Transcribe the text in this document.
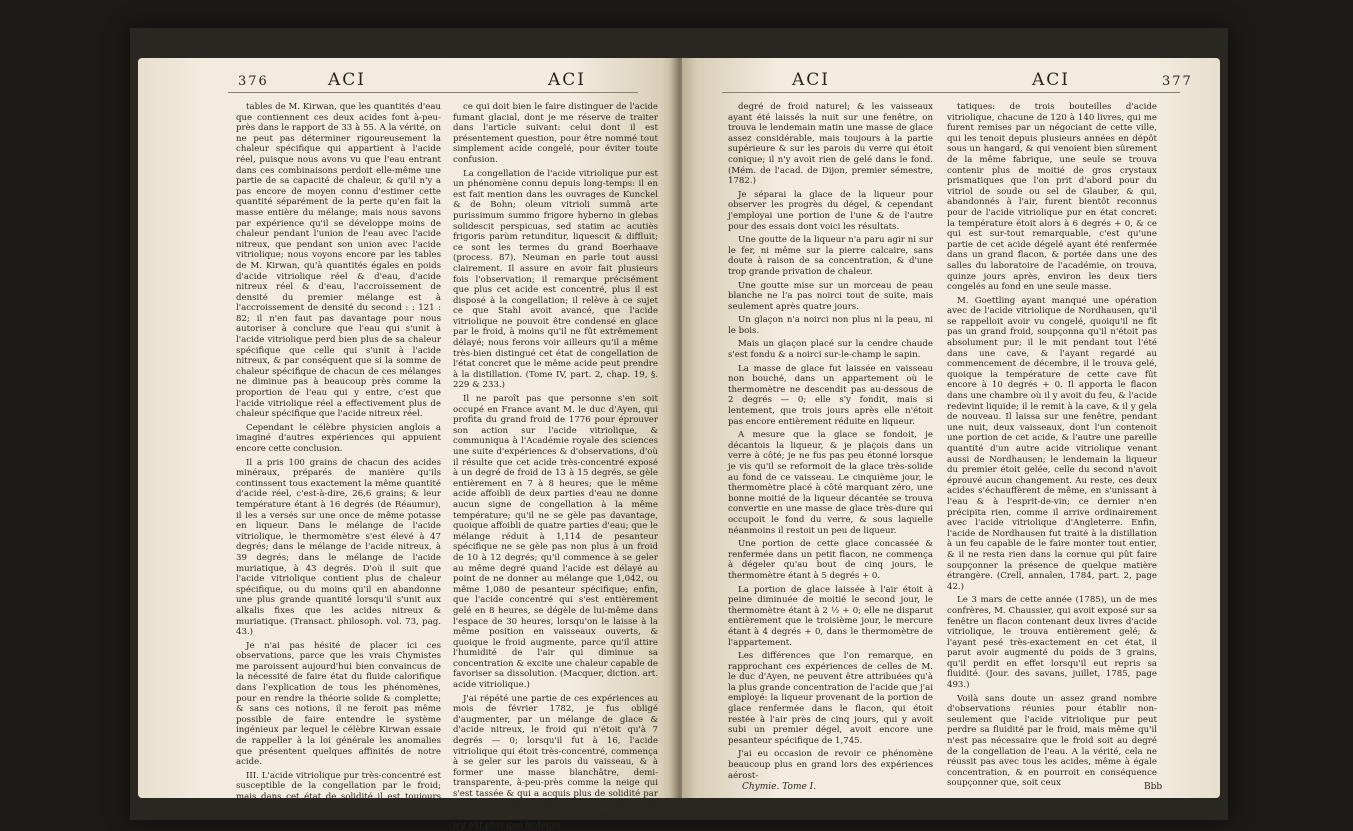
376	ACI	ACI

tables de M. Kirwan, que les quantités d'eau que contiennent ces deux acides font à-peu-près dans le rapport de 33 à 55. A la vérité, on ne peut pas déterminer rigoureusement la chaleur spécifique qui appartient à l'acide réel, puisque nous avons vu que l'eau entrant dans ces combinaisons perdoit elle-même une partie de sa capacité de chaleur, & qu'il n'y a pas encore de moyen connu d'estimer cette quantité séparément de la perte qu'en fait la masse entière du mélange; mais nous savons par expérience qu'il se développe moins de chaleur pendant l'union de l'eau avec l'acide nitreux, que pendant son union avec l'acide vitriolique; nous voyons encore par les tables de M. Kirwan, qu'à quantités égales en poids d'acide vitriolique réel & d'eau, d'acide nitreux réel & d'eau, l'accroissement de densité du premier mélange est à l'accroissement de densité du second : : 121 : 82; il n'en faut pas davantage pour nous autoriser à conclure que l'eau qui s'unit à l'acide vitriolique perd bien plus de sa chaleur spécifique que celle qui s'unit à l'acide nitreux, & par conséquent que si la somme de chaleur spécifique de chacun de ces mélanges ne diminue pas à beaucoup près comme la proportion de l'eau qui y entre, c'est que l'acide vitriolique réel a effectivement plus de chaleur spécifique que l'acide nitreux réel.

Cependant le célèbre physicien anglois a imaginé d'autres expériences qui appuient encore cette conclusion.

Il a pris 100 grains de chacun des acides minéraux, préparés de manière qu'ils continssent tous exactement la même quantité d'acide réel, c'est-à-dire, 26,6 grains; & leur température étant à 16 degrés (de Réaumur), il les a versés sur une once de même potasse en liqueur. Dans le mélange de l'acide vitriolique, le thermomètre s'est élevé à 47 degrés; dans le mélange de l'acide nitreux, à 39 degrés; dans le mélange de l'acide muriatique, à 43 degrés. D'où il suit que l'acide vitriolique contient plus de chaleur spécifique, ou du moins qu'il en abandonne une plus grande quantité lorsqu'il s'unit aux alkalis fixes que les acides nitreux & muriatique. (Transact. philosoph. vol. 73, pag. 43.)

Je n'ai pas hésité de placer ici ces observations, parce que les vrais Chymistes me paroissent aujourd'hui bien convaincus de la nécessité de faire état du fluide calorifique dans l'explication de tous les phénomènes, pour en rendre la théorie solide & complette; & sans ces notions, il ne feroit pas même possible de faire entendre le système ingénieux par lequel le célèbre Kirwan essaie de rappeller à la loi générale les anomalies que présentent quelques affinités de notre acide.

III. L'acide vitriolique pur très-concentré est susceptible de la congellation par le froid; mais dans cet état de solidité il est toujours sans odeur,

ce qui doit bien le faire distinguer de l'acide fumant glacial, dont je me réserve de traiter dans l'article suivant: celui dont il est présentement question, pour être nommé tout simplement acide congelé, pour éviter toute confusion.

La congellation de l'acide vitriolique pur est un phénomène connu depuis long-temps: il en est fait mention dans les ouvrages de Kunckel & de Bohn; oleum vitrioli summâ arte purissimum summo frigore hyberno in glebas solidescit perspicuas, sed statim ac acutiès frigoris parùm retunditur, liquescit & diffluit; ce sont les termes du grand Boerhaave (process. 87). Neuman en parle tout aussi clairement. Il assure en avoir fait plusieurs fois l'observation; il remarque précisément que plus cet acide est concentré, plus il est disposé à la congellation; il relève à ce sujet ce que Stahl avoit avancé, que l'acide vitriolique ne pouvoit être condensé en glace par le froid, à moins qu'il ne fût extrêmement délayé; nous ferons voir ailleurs qu'il a même très-bien distingué cet état de congellation de l'état concret que le même acide peut prendre à la distillation. (Tome IV, part. 2, chap. 19, §. 229 & 233.)

Il ne paroît pas que personne s'en soit occupé en France avant M. le duc d'Ayen, qui profita du grand froid de 1776 pour éprouver son action sur l'acide vitriolique, & communiqua à l'Académie royale des sciences une suite d'expériences & d'observations, d'où il résulte que cet acide très-concentré exposé à un degré de froid de 13 à 15 degrés, se gèle entièrement en 7 à 8 heures; que le même acide affoibli de deux parties d'eau ne donne aucun signe de congellation à la même température; qu'il ne se gèle pas davantage, quoique affoibli de quatre parties d'eau; que le mélange réduit à 1,114 de pesanteur spécifique ne se gèle pas non plus à un froid de 10 à 12 degrés; qu'il commence à se geler au même degré quand l'acide est délayé au point de ne donner au mélange que 1,042, ou même 1,080 de pesanteur spécifique; enfin, que l'acide concentré qui s'est entièrement gelé en 8 heures, se dégèle de lui-même dans l'espace de 30 heures, lorsqu'on le laisse à la même position en vaisseaux ouverts, & quoique le froid augmente, parce qu'il attire l'humidité de l'air qui diminue sa concentration & excite une chaleur capable de favoriser sa dissolution. (Macquer, diction. art. acide vitriolique.)

J'ai répété une partie de ces expériences au mois de février 1782, je fus obligé d'augmenter, par un mélange de glace & d'acide nitreux, le froid qui n'étoit qu'à 7 degrés — 0; lorsqu'il fut à 16, l'acide vitriolique qui étoit très-concentré, commença à se geler sur les parois du vaisseau, & à former une masse blanchâtre, demi-transparente, à-peu-près comme la neige qui s'est tassée & qui a acquis plus de solidité par un nouveau degré de froid. Ce bourrelet de glace alla toujours en augmentant, quoiqu'il n'y eût plus que le degré

ACI	ACI	377

degré de froid naturel; & les vaisseaux ayant été laissés la nuit sur une fenêtre, on trouva le lendemain matin une masse de glace assez considérable, mais toujours à la partie supérieure & sur les parois du verre qui étoit conique; il n'y avoit rien de gelé dans le fond. (Mém. de l'acad. de Dijon, premier sémestre, 1782.)

Je séparai la glace de la liqueur pour observer les progrès du dégel, & cependant j'employai une portion de l'une & de l'autre pour des essais dont voici les résultats.

Une goutte de la liqueur n'a paru agir ni sur le fer, ni même sur la pierre calcaire, sans doute à raison de sa concentration, & d'une trop grande privation de chaleur.

Une goutte mise sur un morceau de peau blanche ne l'a pas noirci tout de suite, mais seulement après quatre jours.

Un glaçon n'a noirci non plus ni la peau, ni le bois.

Mais un glaçon placé sur la cendre chaude s'est fondu & a noirci sur-le-champ le sapin.

La masse de glace fut laissée en vaisseau non bouché, dans un appartement où le thermomètre ne descendit pas au-dessous de 2 degrés — 0; elle s'y fondit, mais si lentement, que trois jours après elle n'étoit pas encore entièrement réduite en liqueur.

A mesure que la glace se fondoit, je décantois la liqueur, & je plaçois dans un verre à côté; je ne fus pas peu étonné lorsque je vis qu'il se reformoit de la glace très-solide au fond de ce vaisseau. Le cinquième jour, le thermomètre placé à côté marquant zéro, une bonne moitié de la liqueur décantée se trouva convertie en une masse de glace très-dure qui occupoit le fond du verre, & sous laquelle néanmoins il restoit un peu de liqueur.

Une portion de cette glace concassée & renfermée dans un petit flacon, ne commença à dégeler qu'au bout de cinq jours, le thermomètre étant à 5 degrés + 0.

La portion de glace laissée à l'air étoit à peine diminuée de moitié le second jour, le thermomètre étant à 2 ½ + 0; elle ne disparut entièrement que le troisième jour, le mercure étant à 4 degrés + 0, dans le thermomètre de l'appartement.

Les différences que l'on remarque, en rapprochant ces expériences de celles de M. le duc d'Ayen, ne peuvent être attribuées qu'à la plus grande concentration de l'acide que j'ai employé: la liqueur provenant de la portion de glace renfermée dans le flacon, qui étoit restée à l'air près de cinq jours, qui y avoit subi un premier dégel, avoit encore une pesanteur spécifique de 1,745.

J'ai eu occasion de revoir ce phénomène beaucoup plus en grand lors des expériences aérost-

tatiques: de trois bouteilles d'acide vitriolique, chacune de 120 à 140 livres, qui me furent remises par un négociant de cette ville, qui les tenoit depuis plusieurs années en dépôt sous un hangard, & qui venoient bien sûrement de la même fabrique, une seule se trouva contenir plus de moitié de gros crystaux prismatiques que l'on prit d'abord pour du vitriol de soude ou sel de Glauber, & qui, abandonnés à l'air, furent bientôt reconnus pour de l'acide vitriolique pur en état concret: la température étoit alors à 6 degrés + 0, & ce qui est sur-tout remarquable, c'est qu'une partie de cet acide dégelé ayant été renfermée dans un grand flacon, & portée dans une des salles du laboratoire de l'académie, on trouva, quinze jours après, environ les deux tiers congelés au fond en une seule masse.

M. Goettling ayant manqué une opération avec de l'acide vitriolique de Nordhausen, qu'il se rappelloit avoir vu congelé, quoiqu'il ne fît pas un grand froid, soupçonna qu'il n'étoit pas absolument pur; il le mit pendant tout l'été dans une cave, & l'ayant regardé au commencement de décembre, il le trouva gelé, quoique la température de cette cave fût encore à 10 degrés + 0. Il apporta le flacon dans une chambre où il y avoit du feu, & l'acide redevint liquide; il le remit à la cave, & il y gela de nouveau. Il laissa sur une fenêtre, pendant une nuit, deux vaisseaux, dont l'un contenoit une portion de cet acide, & l'autre une pareille quantité d'un autre acide vitriolique venant aussi de Nordhausen; le lendemain la liqueur du premier étoit gelée, celle du second n'avoit éprouvé aucun changement. Au reste, ces deux acides s'échauffèrent de même, en s'unissant à l'eau & à l'esprit-de-vin; ce dernier n'en précipita rien, comme il arrive ordinairement avec l'acide vitriolique d'Angleterre. Enfin, l'acide de Nordhausen fut traité à la distillation à un feu capable de le faire monter tout entier, & il ne resta rien dans la cornue qui pût faire soupçonner la présence de quelque matière étrangère. (Crell, annalen, 1784, part. 2, page 42.)

Le 3 mars de cette année (1785), un de mes confrères, M. Chaussier, qui avoit exposé sur sa fenêtre un flacon contenant deux livres d'acide vitriolique, le trouva entièrement gelé; & l'ayant pesé très-exactement en cet état, il parut avoir augmenté du poids de 3 grains, qu'il perdit en effet lorsqu'il eut repris sa fluidité. (Jour. des savans, juillet, 1785, page 493.)

Voilà sans doute un assez grand nombre d'observations réunies pour établir non-seulement que l'acide vitriolique pur peut perdre sa fluidité par le froid, mais même qu'il n'est pas nécessaire que le froid soit au degré de la congellation de l'eau. A la vérité, cela ne réussit pas avec tous les acides, même à égale concentration, & en pourroit en conséquence soupçonner que, soit ceux

Chymie. Tome I.	Bbb
